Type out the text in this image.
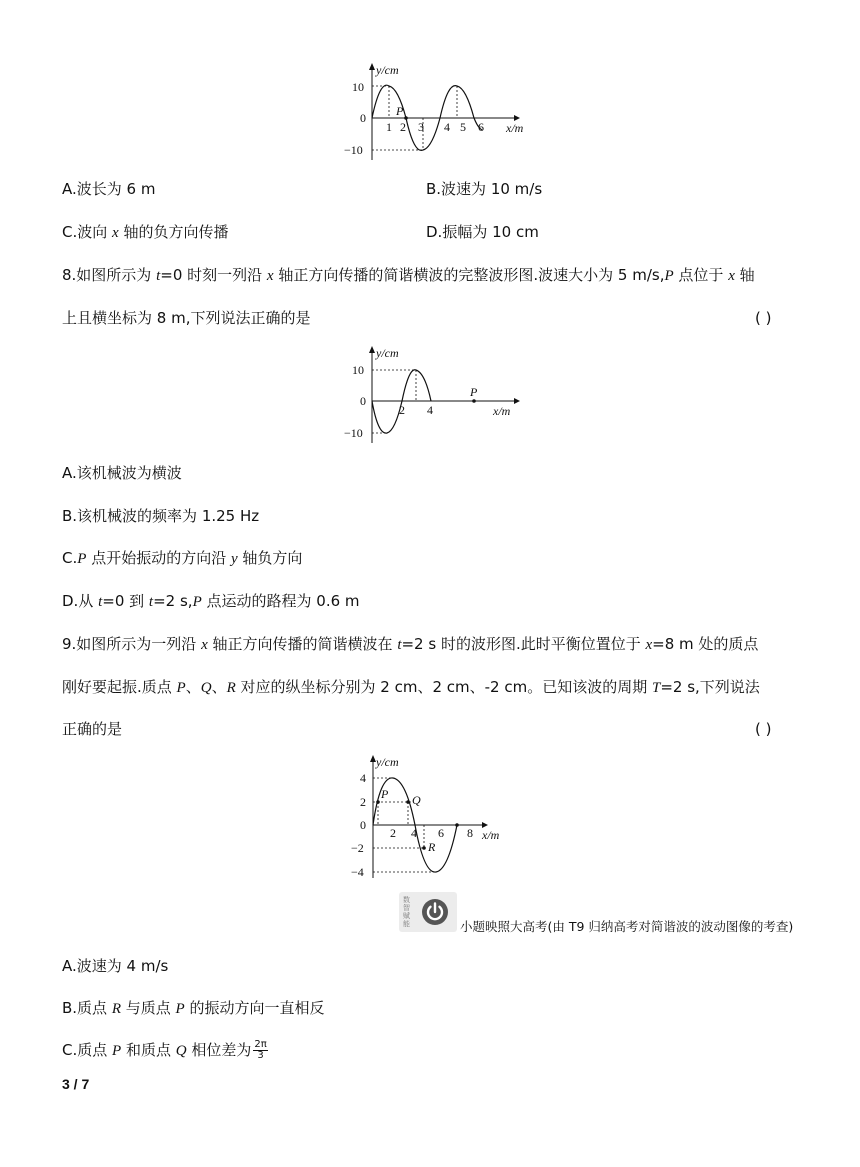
y/cm
x/m
10
0
−10
1 2 3 4 5 6
P
A.波长为 6 m	B.波速为 10 m/s
C.波向 x 轴的负方向传播	D.振幅为 10 cm
8.如图所示为 t=0 时刻一列沿 x 轴正方向传播的简谐横波的完整波形图.波速大小为 5 m/s,P 点位于 x 轴
上且横坐标为 8 m,下列说法正确的是	( )
y/cm
x/m
10
0
−10
2 4
P
A.该机械波为横波
B.该机械波的频率为 1.25 Hz
C.P 点开始振动的方向沿 y 轴负方向
D.从 t=0 到 t=2 s,P 点运动的路程为 0.6 m
9.如图所示为一列沿 x 轴正方向传播的简谐横波在 t=2 s 时的波形图.此时平衡位置位于 x=8 m 处的质点
刚好要起振.质点 P、Q、R 对应的纵坐标分别为 2 cm、2 cm、-2 cm。已知该波的周期 T=2 s,下列说法
正确的是	( )
y/cm
x/m
4
2
0
−2
−4
2 4 6 8
P Q
R
数智赋能	小题映照大高考(由 T9 归纳高考对简谐波的波动图像的考查)
A.波速为 4 m/s
B.质点 R 与质点 P 的振动方向一直相反
C.质点 P 和质点 Q 相位差为 $\frac{2\pi}{3}$
3 / 7
